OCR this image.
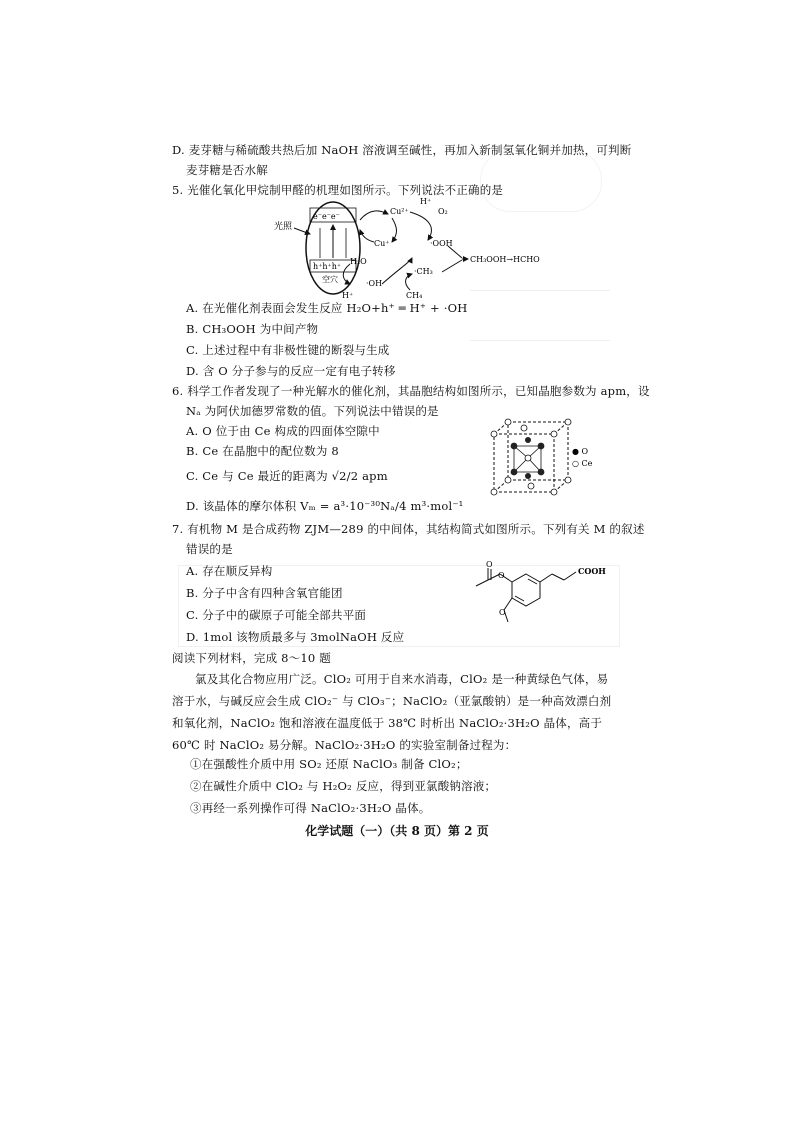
D. 麦芽糖与稀硫酸共热后加 NaOH 溶液调至碱性，再加入新制氢氧化铜并加热，可判断
麦芽糖是否水解
5. 光催化氧化甲烷制甲醛的机理如图所示。下列说法不正确的是
光照
e⁻e⁻e⁻
h⁺h⁺h⁺
空穴
Cu²⁺
Cu⁺
H⁺
O₂
·OOH
H₂O
·OH
H⁺
·CH₃
CH₄
CH₃OOH→HCHO
A. 在光催化剂表面会发生反应 H₂O+h⁺ ═ H⁺ + ·OH
B. CH₃OOH 为中间产物
C. 上述过程中有非极性键的断裂与生成
D. 含 O 分子参与的反应一定有电子转移
6. 科学工作者发现了一种光解水的催化剂，其晶胞结构如图所示，已知晶胞参数为 apm，设
Nₐ 为阿伏加德罗常数的值。下列说法中错误的是
A. O 位于由 Ce 构成的四面体空隙中
B. Ce 在晶胞中的配位数为 8
C. Ce 与 Ce 最近的距离为 √2/2 apm
D. 该晶体的摩尔体积 Vₘ = a³·10⁻³⁰Nₐ/4 m³·mol⁻¹
● O
○ Ce
7. 有机物 M 是合成药物 ZJM—289 的中间体，其结构简式如图所示。下列有关 M 的叙述
错误的是
A. 存在顺反异构
B. 分子中含有四种含氧官能团
C. 分子中的碳原子可能全部共平面
D. 1mol 该物质最多与 3molNaOH 反应
O
O
O
COOH
阅读下列材料，完成 8～10 题
氯及其化合物应用广泛。ClO₂ 可用于自来水消毒，ClO₂ 是一种黄绿色气体，易溶于水，与碱反应会生成 ClO₂⁻ 与 ClO₃⁻；NaClO₂（亚氯酸钠）是一种高效漂白剂和氧化剂，NaClO₂ 饱和溶液在温度低于 38℃ 时析出 NaClO₂·3H₂O 晶体，高于 60℃ 时 NaClO₂ 易分解。NaClO₂·3H₂O 的实验室制备过程为：
①在强酸性介质中用 SO₂ 还原 NaClO₃ 制备 ClO₂；
②在碱性介质中 ClO₂ 与 H₂O₂ 反应，得到亚氯酸钠溶液；
③再经一系列操作可得 NaClO₂·3H₂O 晶体。
化学试题（一）（共 8 页）第 2 页
